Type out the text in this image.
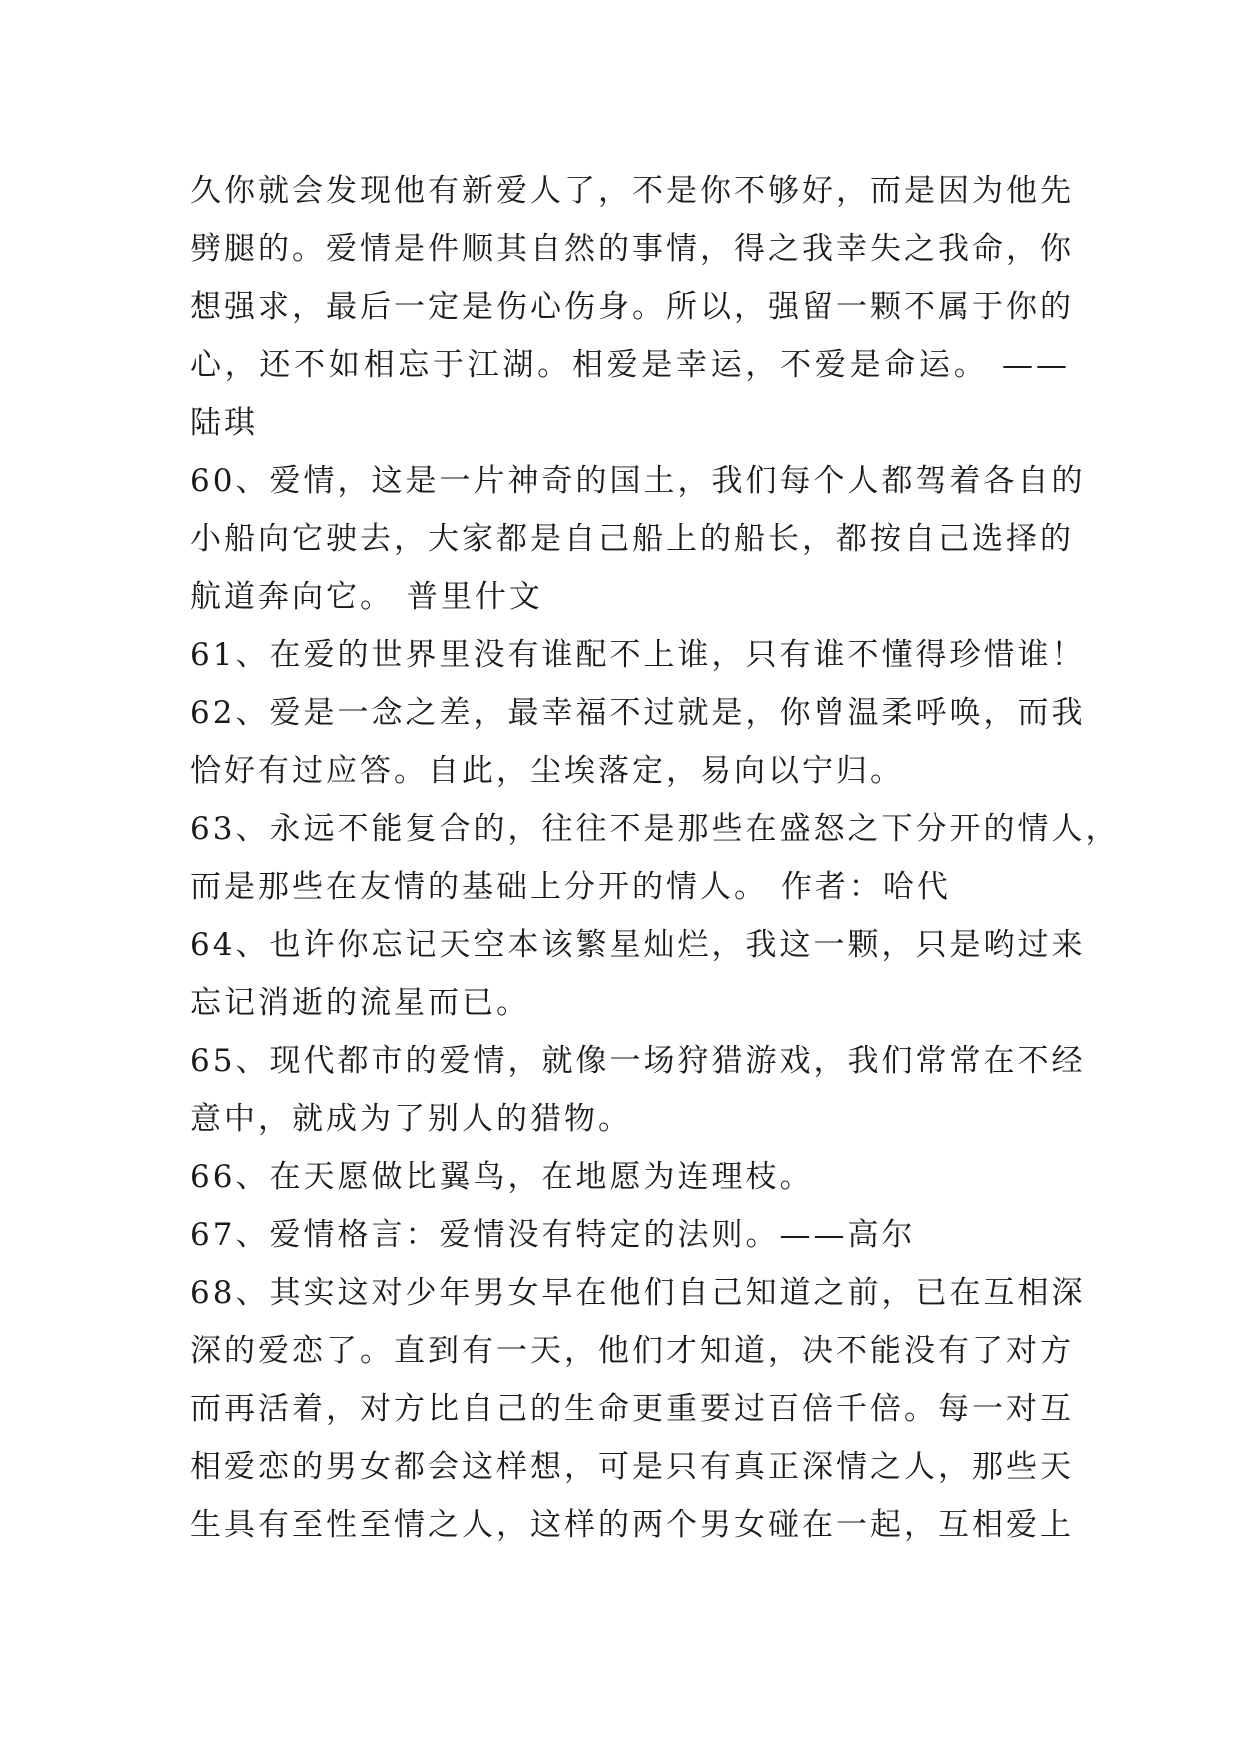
久你就会发现他有新爱人了，不是你不够好，而是因为他先
劈腿的。爱情是件顺其自然的事情，得之我幸失之我命，你
想强求，最后一定是伤心伤身。所以，强留一颗不属于你的
心，还不如相忘于江湖。相爱是幸运，不爱是命运。 ——
陆琪
60、爱情，这是一片神奇的国土，我们每个人都驾着各自的
小船向它驶去，大家都是自己船上的船长，都按自己选择的
航道奔向它。 普里什文
61、在爱的世界里没有谁配不上谁，只有谁不懂得珍惜谁！
62、爱是一念之差，最幸福不过就是，你曾温柔呼唤，而我
恰好有过应答。自此，尘埃落定，易向以宁归。
63、永远不能复合的，往往不是那些在盛怒之下分开的情人，
而是那些在友情的基础上分开的情人。 作者：哈代
64、也许你忘记天空本该繁星灿烂，我这一颗，只是哟过来
忘记消逝的流星而已。
65、现代都市的爱情，就像一场狩猎游戏，我们常常在不经
意中，就成为了别人的猎物。
66、在天愿做比翼鸟，在地愿为连理枝。
67、爱情格言：爱情没有特定的法则。——高尔
68、其实这对少年男女早在他们自己知道之前，已在互相深
深的爱恋了。直到有一天，他们才知道，决不能没有了对方
而再活着，对方比自己的生命更重要过百倍千倍。每一对互
相爱恋的男女都会这样想，可是只有真正深情之人，那些天
生具有至性至情之人，这样的两个男女碰在一起，互相爱上
